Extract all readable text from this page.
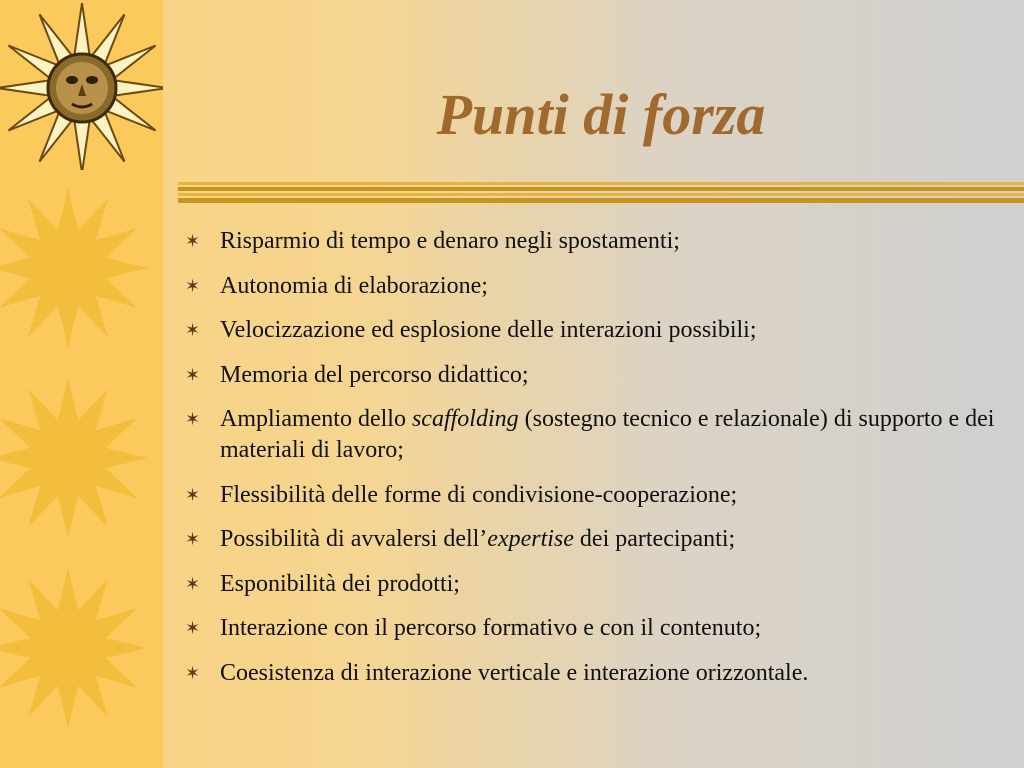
Punti di forza
✶ Risparmio di tempo e denaro negli spostamenti;
✶ Autonomia di elaborazione;
✶ Velocizzazione ed esplosione delle interazioni possibili;
✶ Memoria del percorso didattico;
✶ Ampliamento dello scaffolding (sostegno tecnico e relazionale) di supporto e dei materiali di lavoro;
✶ Flessibilità delle forme di condivisione-cooperazione;
✶ Possibilità di avvalersi dell’expertise dei partecipanti;
✶ Esponibilità dei prodotti;
✶ Interazione con il percorso formativo e con il contenuto;
✶ Coesistenza di interazione verticale e interazione orizzontale.
